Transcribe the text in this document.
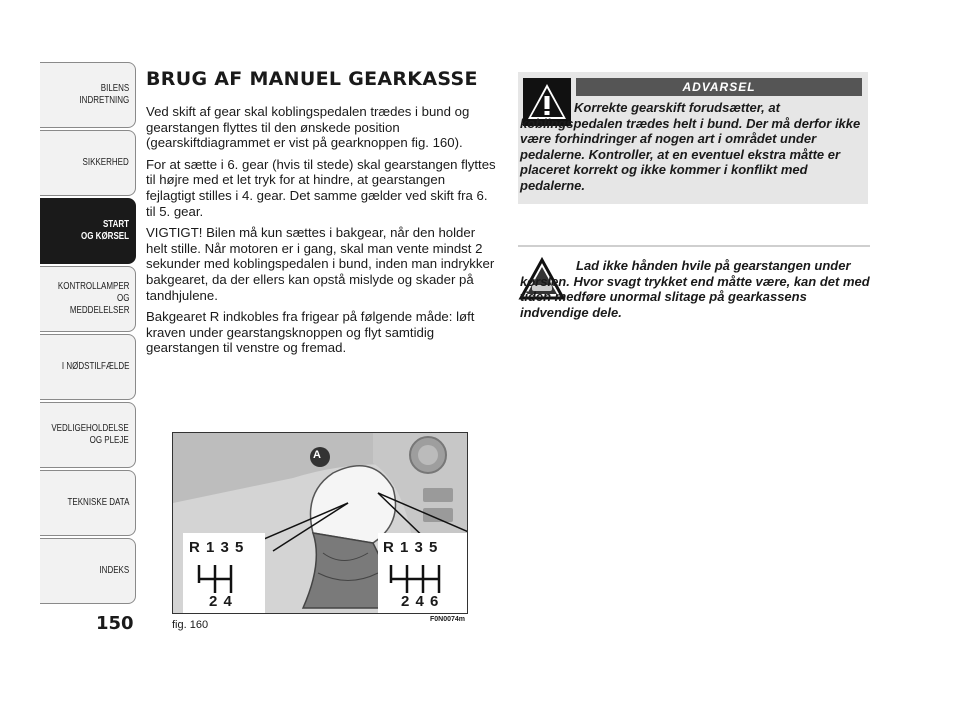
BILENS
INDRETNING
SIKKERHED
START
OG KØRSEL
KONTROLLAMPER
OG MEDDELELSER
I NØDSTILFÆLDE
VEDLIGEHOLDELSE
OG PLEJE
TEKNISKE DATA
INDEKS
150
BRUG AF MANUEL GEARKASSE

Ved skift af gear skal koblingspedalen trædes i bund og gearstangen flyttes til den ønskede position (gearskiftdiagrammet er vist på gearknoppen fig. 160).

For at sætte i 6. gear (hvis til stede) skal gearstangen flyttes til højre med et let tryk for at hindre, at gearstangen fejlagtigt stilles i 4. gear. Det samme gælder ved skift fra 6. til 5. gear.

VIGTIGT! Bilen må kun sættes i bakgear, når den holder helt stille. Når motoren er i gang, skal man vente mindst 2 sekunder med koblingspedalen i bund, inden man indrykker bakgearet, da der ellers kan opstå mislyde og skader på tandhjulene.

Bakgearet R indkobles fra frigear på følgende måde: løft kraven under gearstangsknoppen og flyt samtidig gearstangen til venstre og fremad.

ADVARSEL
Korrekte gearskift forudsætter, at koblingspedalen trædes helt i bund. Der må derfor ikke være forhindringer af nogen art i området under pedalerne. Kontroller, at en eventuel ekstra måtte er placeret korrekt og ikke kommer i konflikt med pedalerne.
Lad ikke hånden hvile på gearstangen under kørslen. Hvor svagt trykket end måtte være, kan det med tiden medføre unormal slitage på gearkassens indvendige dele.
A
R 1 3 5
2 4
R 1 3 5
2 4 6
fig. 160	F0N0074m
